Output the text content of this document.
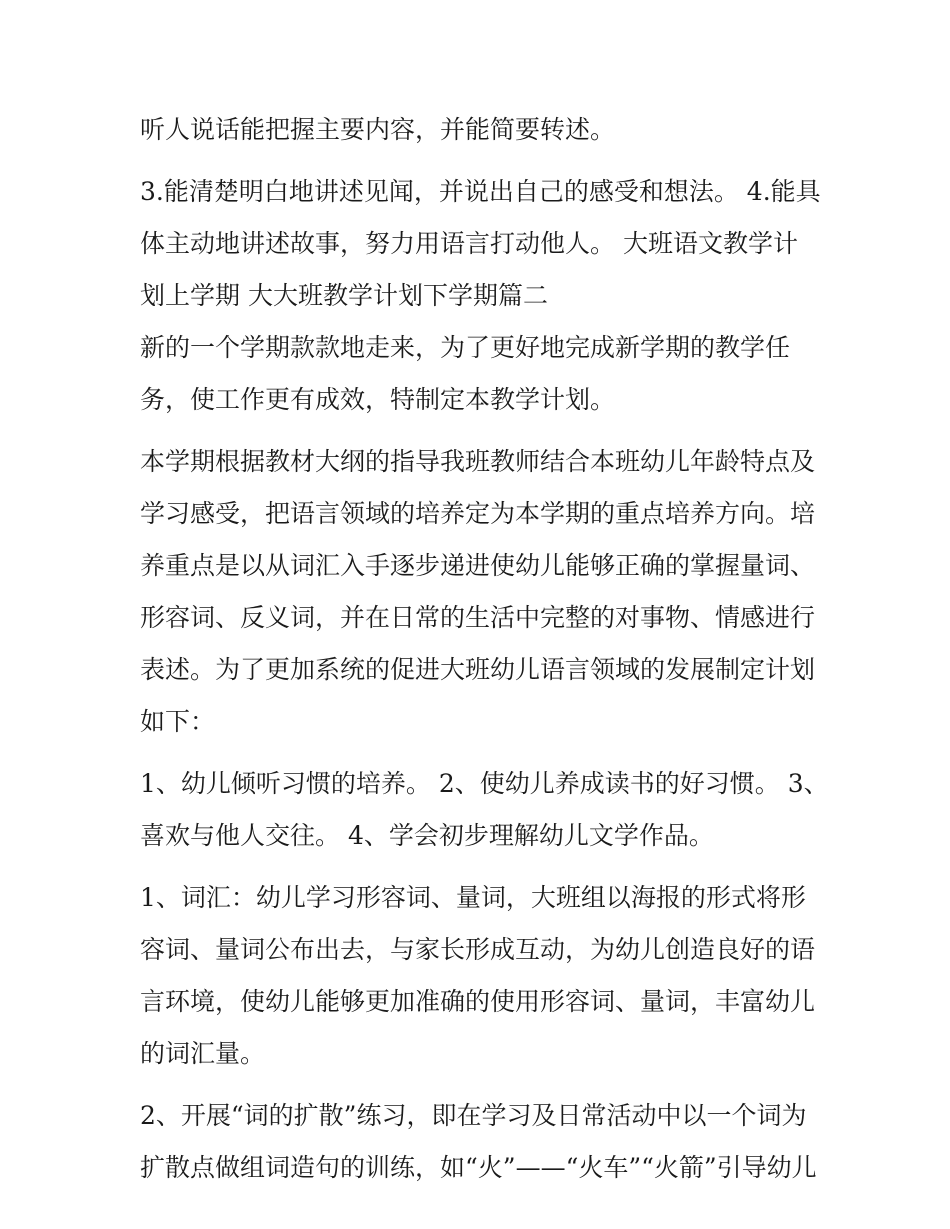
听人说话能把握主要内容，并能简要转述。
3.能清楚明白地讲述见闻，并说出自己的感受和想法。 4.能具
体主动地讲述故事，努力用语言打动他人。 大班语文教学计
划上学期 大大班教学计划下学期篇二
新的一个学期款款地走来，为了更好地完成新学期的教学任
务，使工作更有成效，特制定本教学计划。
本学期根据教材大纲的指导我班教师结合本班幼儿年龄特点及
学习感受，把语言领域的培养定为本学期的重点培养方向。培
养重点是以从词汇入手逐步递进使幼儿能够正确的掌握量词、
形容词、反义词，并在日常的生活中完整的对事物、情感进行
表述。为了更加系统的促进大班幼儿语言领域的发展制定计划
如下：
1、幼儿倾听习惯的培养。 2、使幼儿养成读书的好习惯。 3、
喜欢与他人交往。 4、学会初步理解幼儿文学作品。
1、词汇：幼儿学习形容词、量词，大班组以海报的形式将形
容词、量词公布出去，与家长形成互动，为幼儿创造良好的语
言环境，使幼儿能够更加准确的使用形容词、量词，丰富幼儿
的词汇量。
2、开展“词的扩散”练习，即在学习及日常活动中以一个词为
扩散点做组词造句的训练，如“火”——“火车”“火箭”引导幼儿
